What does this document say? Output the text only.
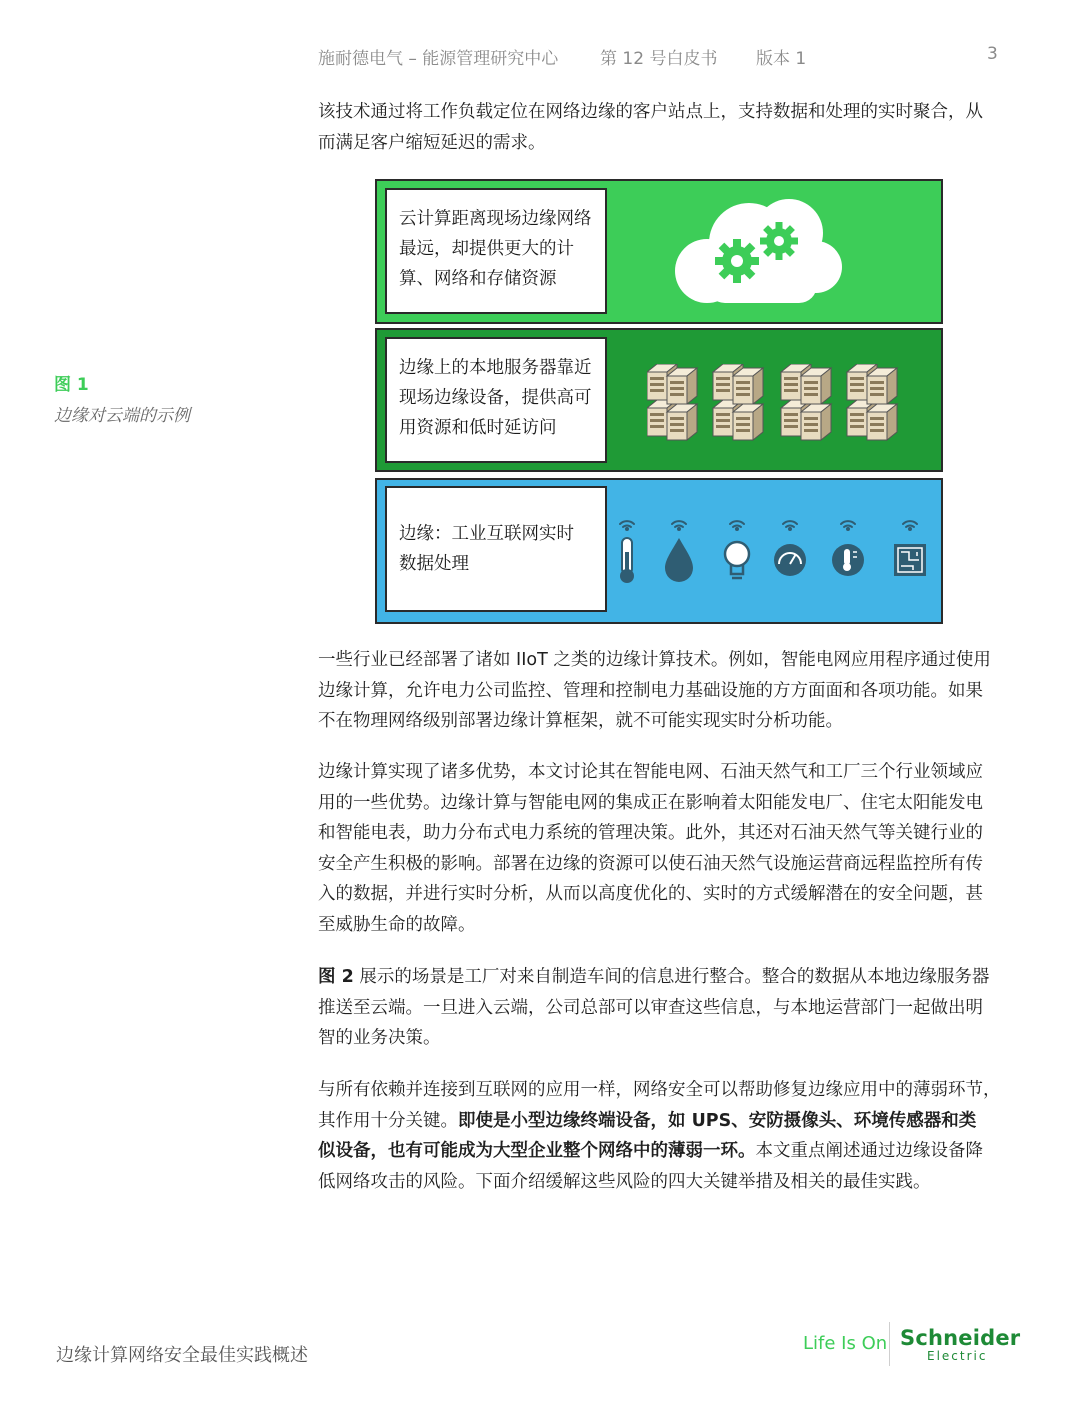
施耐德电气 – 能源管理研究中心 第 12 号白皮书 版本 1	3

该技术通过将工作负载定位在网络边缘的客户站点上，支持数据和处理的实时聚合，从
而满足客户缩短延迟的需求。

图 1
边缘对云端的示例
云计算距离现场边缘网络
最远，却提供更大的计
算、网络和存储资源
边缘上的本地服务器靠近
现场边缘设备，提供高可
用资源和低时延访问
边缘：工业互联网实时
数据处理

一些行业已经部署了诸如 IIoT 之类的边缘计算技术。例如，智能电网应用程序通过使用
边缘计算，允许电力公司监控、管理和控制电力基础设施的方方面面和各项功能。如果
不在物理网络级别部署边缘计算框架，就不可能实现实时分析功能。

边缘计算实现了诸多优势，本文讨论其在智能电网、石油天然气和工厂三个行业领域应
用的一些优势。边缘计算与智能电网的集成正在影响着太阳能发电厂、住宅太阳能发电
和智能电表，助力分布式电力系统的管理决策。此外，其还对石油天然气等关键行业的
安全产生积极的影响。部署在边缘的资源可以使石油天然气设施运营商远程监控所有传
入的数据，并进行实时分析，从而以高度优化的、实时的方式缓解潜在的安全问题，甚
至威胁生命的故障。

图 2 展示的场景是工厂对来自制造车间的信息进行整合。整合的数据从本地边缘服务器
推送至云端。一旦进入云端，公司总部可以审查这些信息，与本地运营部门一起做出明
智的业务决策。

与所有依赖并连接到互联网的应用一样，网络安全可以帮助修复边缘应用中的薄弱环节，
其作用十分关键。即使是小型边缘终端设备，如 UPS、安防摄像头、环境传感器和类
似设备，也有可能成为大型企业整个网络中的薄弱一环。本文重点阐述通过边缘设备降
低网络攻击的风险。下面介绍缓解这些风险的四大关键举措及相关的最佳实践。

边缘计算网络安全最佳实践概述
Life Is On Schneider
Electric
